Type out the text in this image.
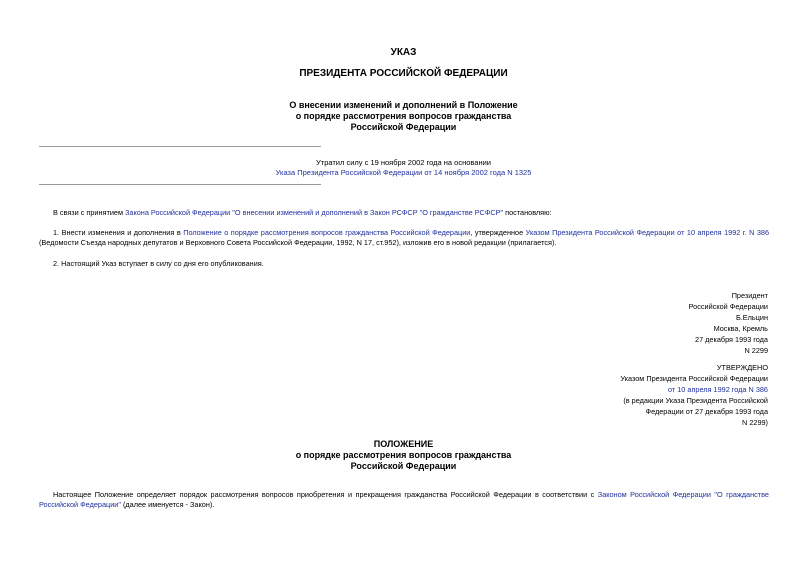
УКАЗ
ПРЕЗИДЕНТА РОССИЙСКОЙ ФЕДЕРАЦИИ
О внесении изменений и дополнений в Положение
о порядке рассмотрения вопросов гражданства
Российской Федерации
Утратил силу с 19 ноября 2002 года на основании
Указа Президента Российской Федерации от 14 ноября 2002 года N 1325
В связи с принятием Закона Российской Федерации "О внесении изменений и дополнений в Закон РСФСР "О гражданстве РСФСР" постановляю:
1. Внести изменения и дополнения в Положение о порядке рассмотрения вопросов гражданства Российской Федерации, утвержденное Указом Президента Российской Федерации от 10 апреля 1992 г. N 386 (Ведомости Съезда народных депутатов и Верховного Совета Российской Федерации, 1992, N 17, ст.952), изложив его в новой редакции (прилагается).
2. Настоящий Указ вступает в силу со дня его опубликования.
Президент
Российской Федерации
Б.Ельцин
Москва, Кремль
27 декабря 1993 года
N 2299
УТВЕРЖДЕНО
Указом Президента Российской Федерации
от 10 апреля 1992 года N 386
(в редакции Указа Президента Российской
Федерации от 27 декабря 1993 года
N 2299)
ПОЛОЖЕНИЕ
о порядке рассмотрения вопросов гражданства
Российской Федерации
Настоящее Положение определяет порядок рассмотрения вопросов приобретения и прекращения гражданства Российской Федерации в соответствии с Законом Российской Федерации "О гражданстве Российской Федерации" (далее именуется - Закон).
